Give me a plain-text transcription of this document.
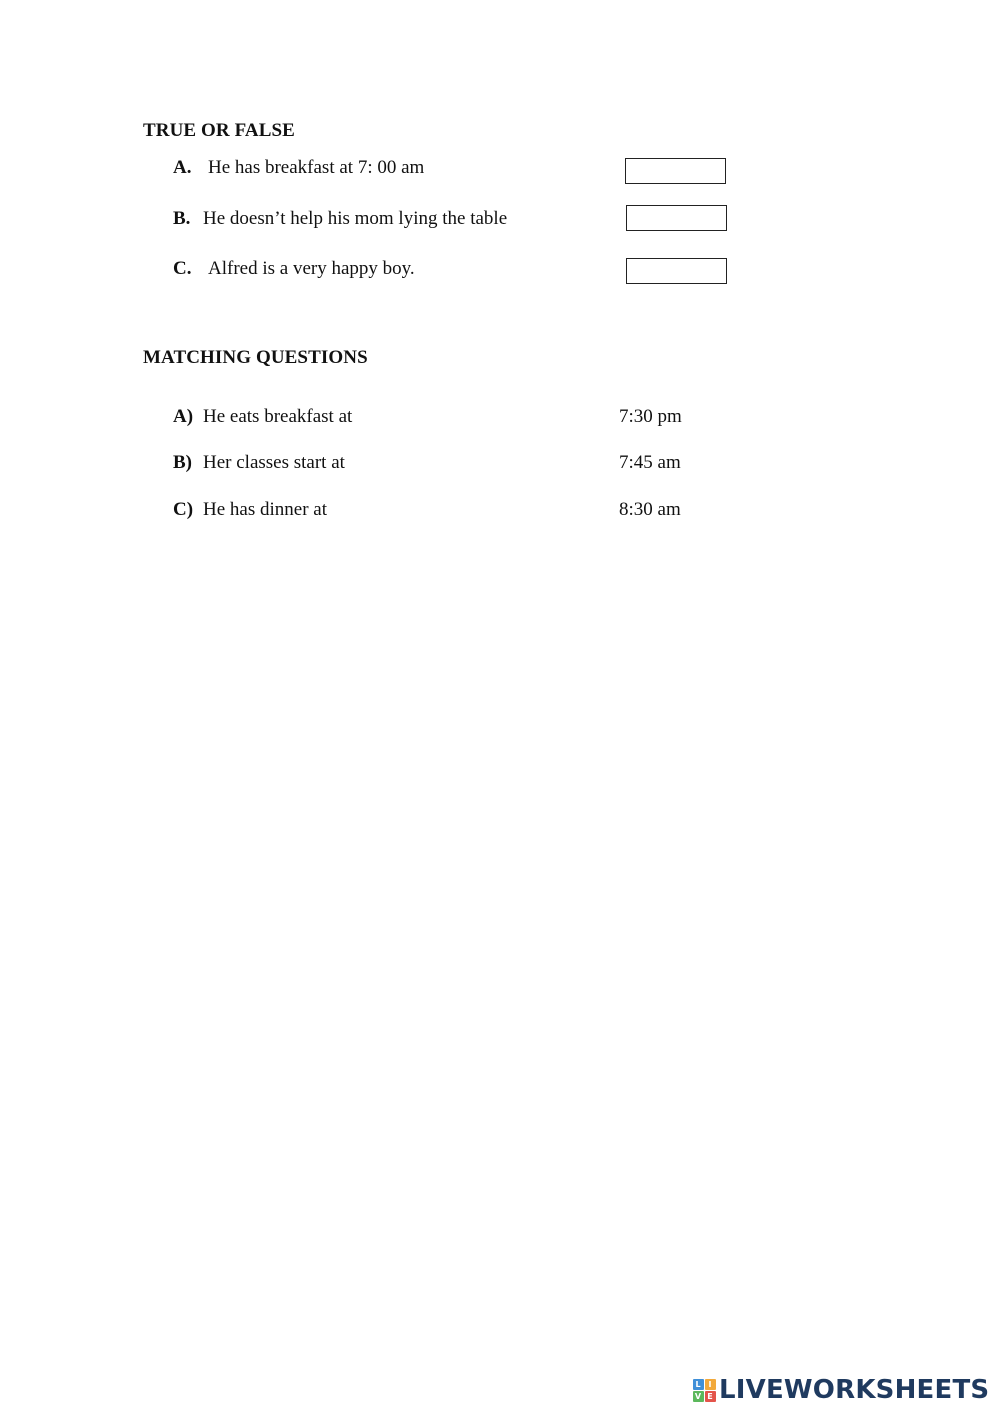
TRUE OR FALSE
A. He has breakfast at 7: 00 am
B. He doesn’t help his mom lying the table
C. Alfred is a very happy boy.
MATCHING QUESTIONS
A) He eats breakfast at	7:30 pm
B) Her classes start at	7:45 am
C) He has dinner at	8:30 am
L I
V E LIVEWORKSHEETS
